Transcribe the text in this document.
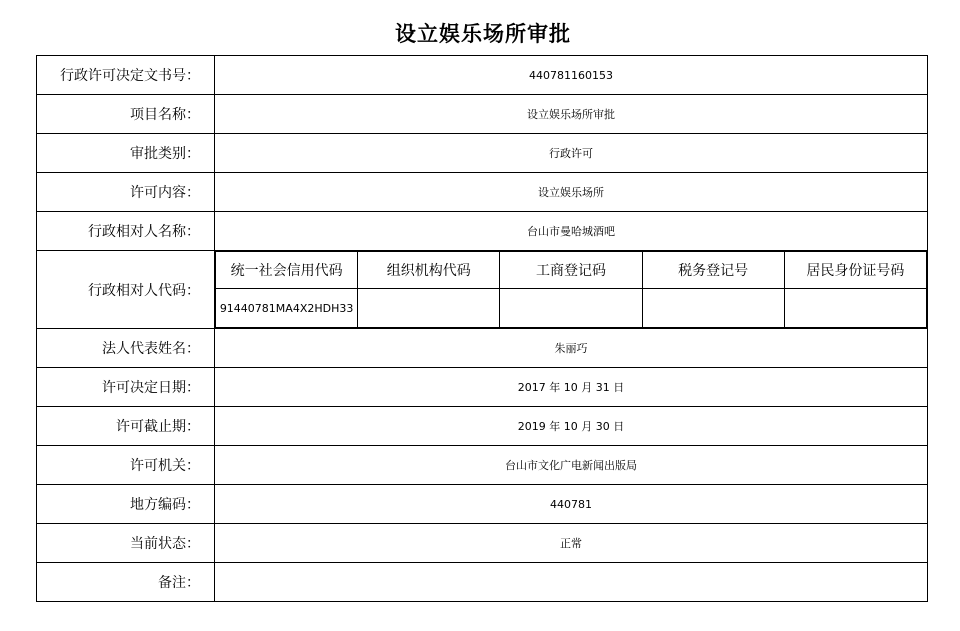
设立娱乐场所审批
行政许可决定文书号：	440781160153
项目名称：	设立娱乐场所审批
审批类别：	行政许可
许可内容：	设立娱乐场所
行政相对人名称：	台山市曼哈城酒吧
行政相对人代码：	
统一社会信用代码	组织机构代码	工商登记码	税务登记号	居民身份证号码
91440781MA4X2HDH33				

法人代表姓名：	朱丽巧
许可决定日期：	2017 年 10 月 31 日
许可截止期：	2019 年 10 月 30 日
许可机关：	台山市文化广电新闻出版局
地方编码：	440781
当前状态：	正常
备注：	
